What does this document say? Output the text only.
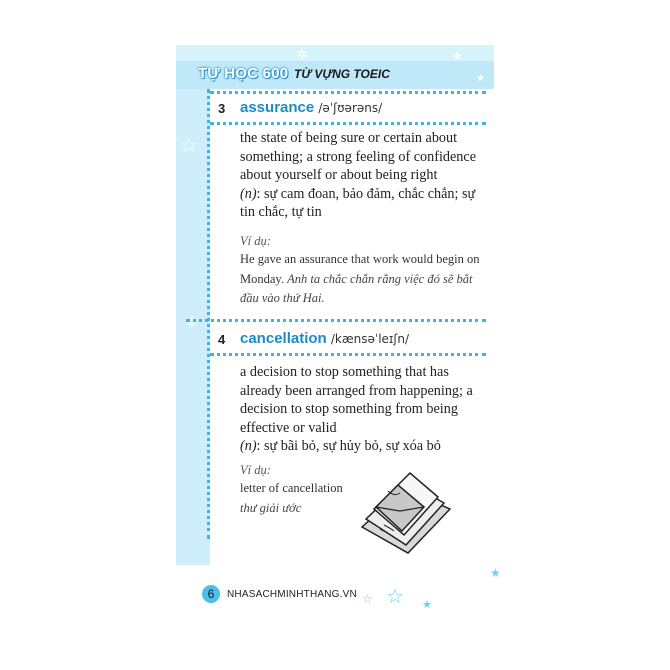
TỰ HỌC 600 TỪ VỰNG TOEIC
✲	★
★
☆
✲
3 assurance /əˈʃʊərəns/
the state of being sure or certain about something; a strong feeling of confidence about yourself or about being right
(n): sự cam đoan, bảo đảm, chắc chắn; sự tin chắc, tự tin
Ví dụ:
He gave an assurance that work would begin on Monday. Anh ta chắc chắn rằng việc đó sẽ bắt đầu vào thứ Hai.
4 cancellation /kænsəˈleɪʃn/
a decision to stop something that has already been arranged from happening; a decision to stop something from being effective or valid
(n): sự bãi bỏ, sự hủy bỏ, sự xóa bỏ
Ví dụ:
letter of cancellation
thư giải ước
6	NHASACHMINHTHANG.VN ☆ ☆ ★
★
